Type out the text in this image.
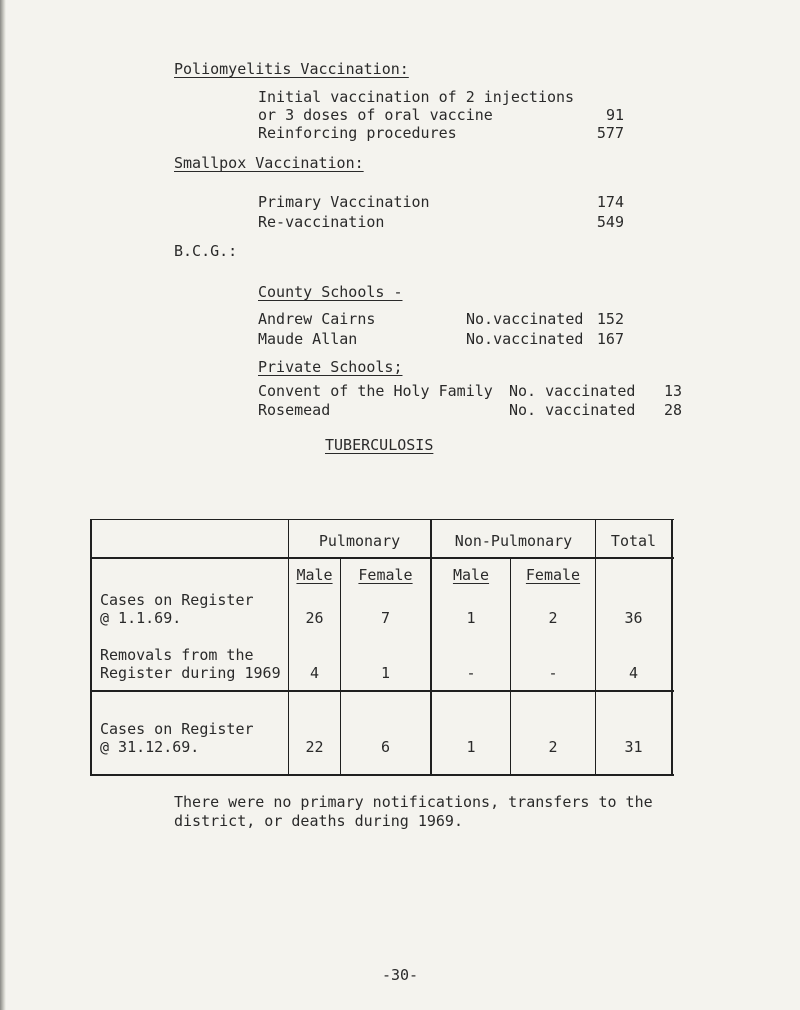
Poliomyelitis Vaccination:
Initial vaccination of 2 injections
or 3 doses of oral vaccine	91
Reinforcing procedures	577
Smallpox Vaccination:
Primary Vaccination	174
Re-vaccination	549
B.C.G.:
County Schools -
Andrew Cairns	No.vaccinated 152
Maude Allan	No.vaccinated 167
Private Schools;
Convent of the Holy Family No. vaccinated	13
Rosemead	No. vaccinated	28
TUBERCULOSIS
Pulmonary	Non-Pulmonary	Total
Male	Female	Male	Female
Cases on Register
@ 1.1.69.	26	7	1	2	36
Removals from the
Register during 1969	4	1	-	-	4
Cases on Register
@ 31.12.69.	22	6	1	2	31
There were no primary notifications, transfers to the
district, or deaths during 1969.
-30-
